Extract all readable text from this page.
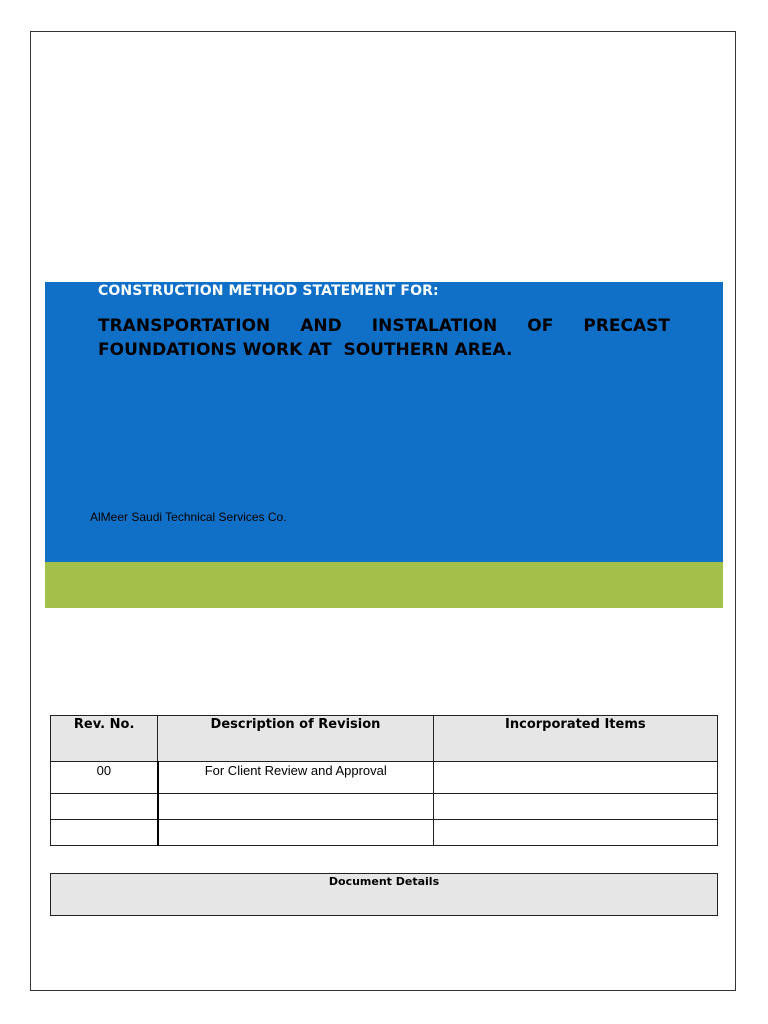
CONSTRUCTION METHOD STATEMENT FOR:
TRANSPORTATION AND INSTALATION OF PRECAST
FOUNDATIONS WORK AT  SOUTHERN AREA.
AlMeer Saudi Technical Services Co.
Rev. No.	Description of Revision	Incorporated Items
00	For Client Review and Approval	

Document Details
